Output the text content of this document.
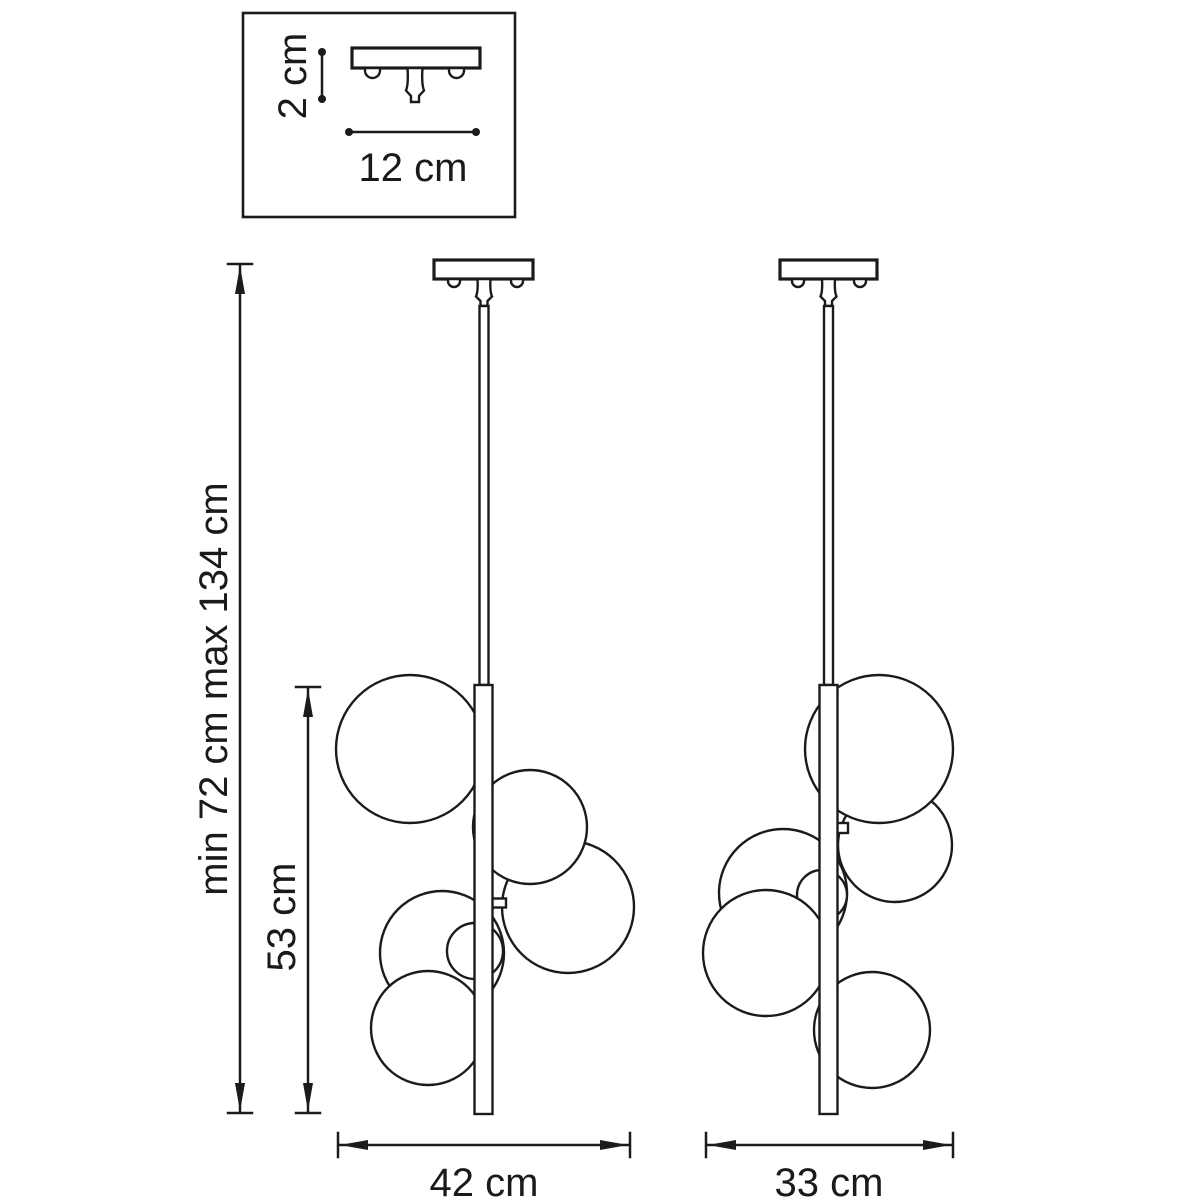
2 cm
12 cm
min 72 cm max 134 cm
53 cm
42 cm	33 cm
